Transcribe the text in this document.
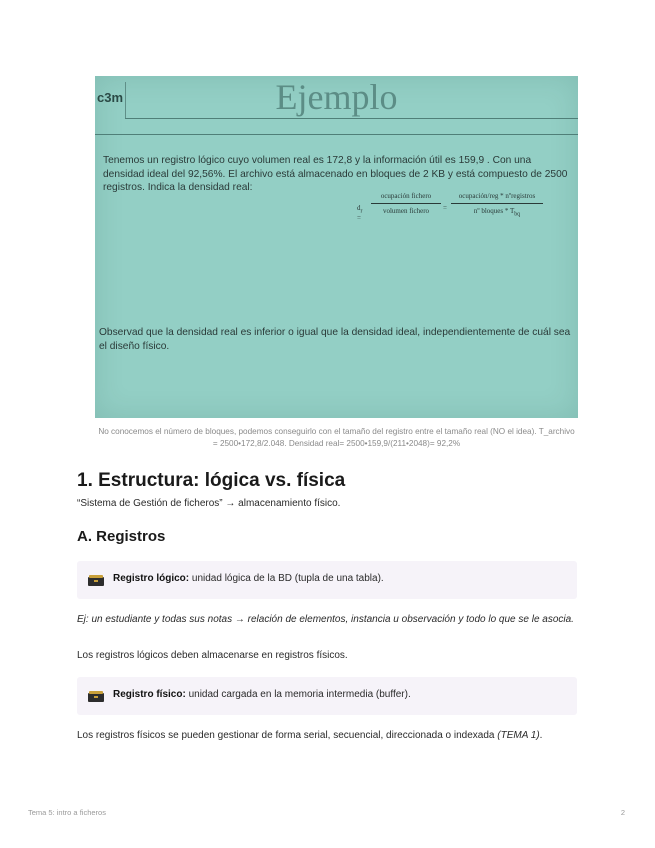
c3m	Ejemplo
Tenemos un registro lógico cuyo volumen real es 172,8 y la información útil es 159,9 . Con una densidad ideal del 92,56%. El archivo está almacenado en bloques de 2 KB y está compuesto de 2500 registros. Indica la densidad real:
$d_r$ =
ocupación fichero
volumen fichero	=
ocupación/reg * nºregistros
nº bloques * $T_{bq}$
Observad que la densidad real es inferior o igual que la densidad ideal, independientemente de cuál sea el diseño físico.
No conocemos el número de bloques, podemos conseguirlo con el tamaño del registro entre el tamaño real (NO el idea). T_archivo = 2500•172,8/2.048. Densidad real= 2500•159,9/(211•2048)= 92,2%
1. Estructura: lógica vs. física

“Sistema de Gestión de ficheros” → almacenamiento físico.

A. Registros
Registro lógico: unidad lógica de la BD (tupla de una tabla).

Ej: un estudiante y todas sus notas → relación de elementos, instancia u observación y todo lo que se le asocia.

Los registros lógicos deben almacenarse en registros físicos.

Registro físico: unidad cargada en la memoria intermedia (buffer).

Los registros físicos se pueden gestionar de forma serial, secuencial, direccionada o indexada (TEMA 1).

Tema 5: intro a ficheros	2
